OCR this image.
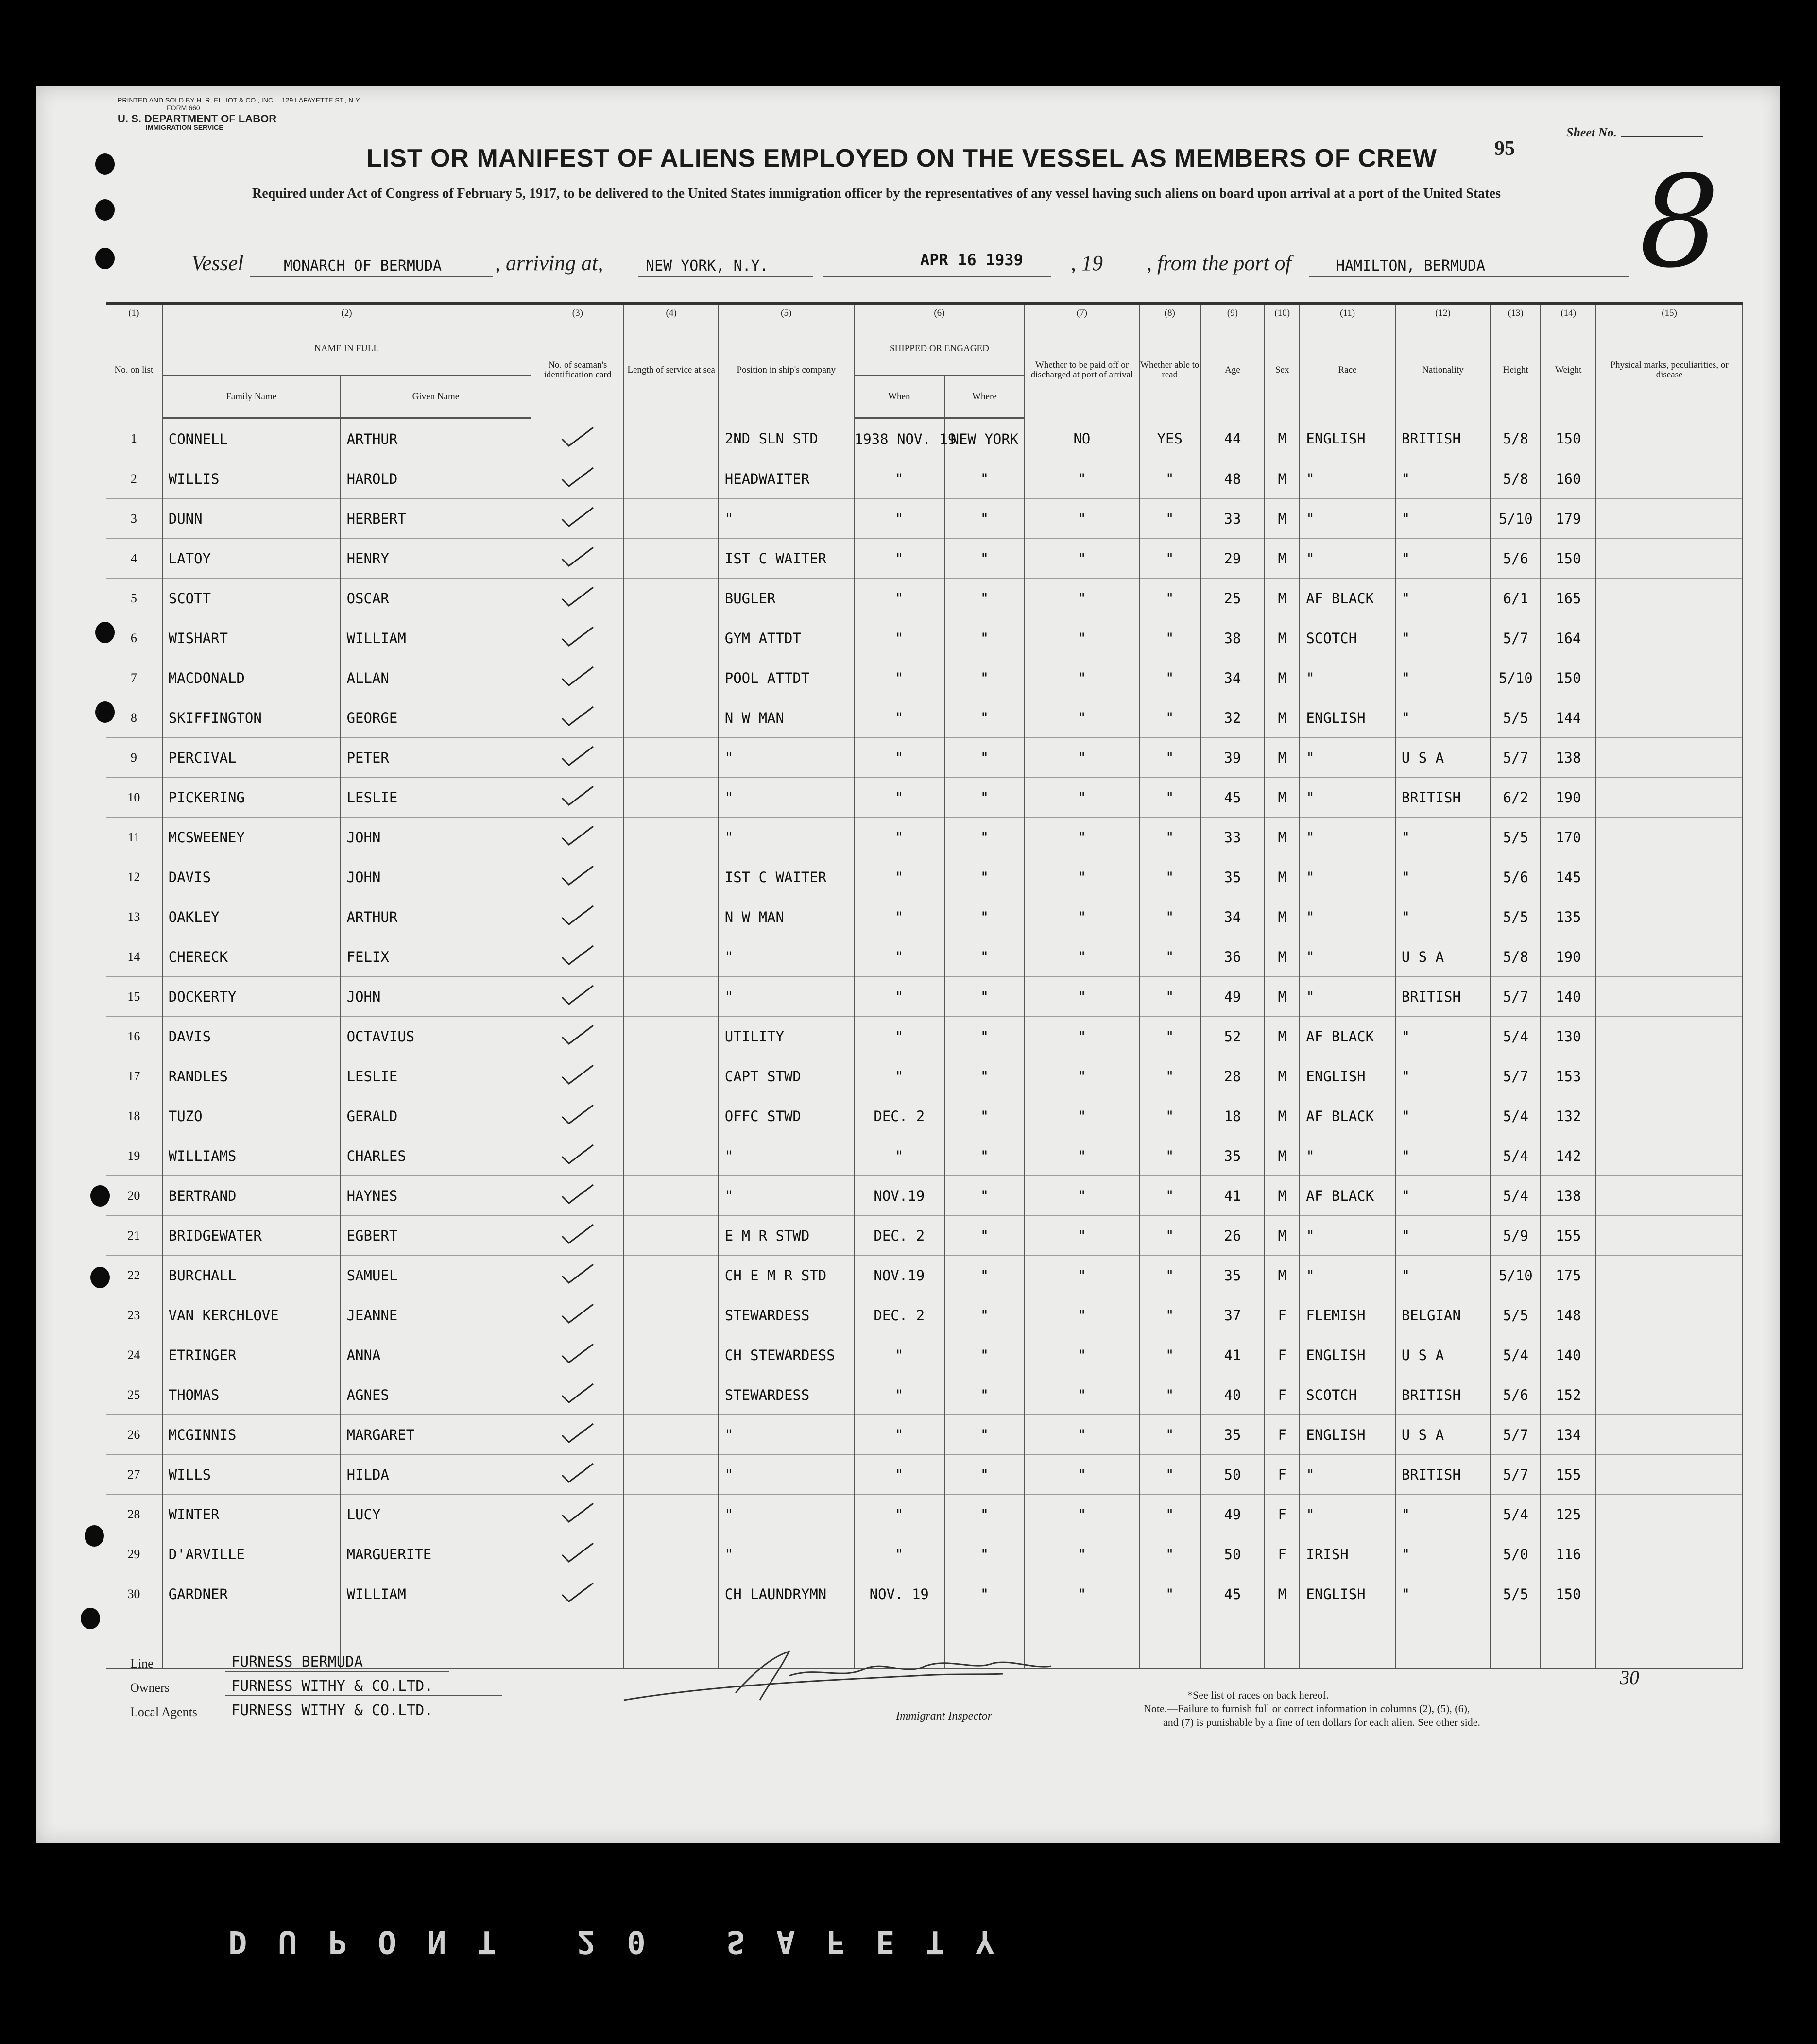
PRINTED AND SOLD BY H. R. ELLIOT & CO., INC.—129 LAFAYETTE ST., N.Y.
FORM 660
U. S. DEPARTMENT OF LABOR
IMMIGRATION SERVICE	Sheet No.
95
8
LIST OR MANIFEST OF ALIENS EMPLOYED ON THE VESSEL AS MEMBERS OF CREW
Required under Act of Congress of February 5, 1917, to be delivered to the United States immigration officer by the representatives of any vessel having such aliens on board upon arrival at a port of the United States
Vessel	MONARCH OF BERMUDA , arriving at,	NEW YORK, N.Y.	APR 16 1939 , 19 , from the port of	HAMILTON, BERMUDA
(1)	(2)		(3)	(4)	(5)	(6)		(7)	(8)	(9)	(10)	(11)	(12)	(13)	(14)	(15)
No. on list	NAME IN FULL		No. of seaman's identification card	Length of service at sea	Position in ship's company	SHIPPED OR ENGAGED		Whether to be paid off or discharged at port of arrival	Whether able to read	Age	Sex	Race	Nationality	Height	Weight	Physical marks, peculiarities, or disease
	Family Name	Given Name				When	Where									
1	CONNELL	ARTHUR			2ND SLN STD	1938 NOV. 19	NEW YORK	NO	YES	44	M	ENGLISH	BRITISH	5/8	150	
2	WILLIS	HAROLD			HEADWAITER	"	"	"	"	48	M	"	"	5/8	160	
3	DUNN	HERBERT			"	"	"	"	"	33	M	"	"	5/10	179	
4	LATOY	HENRY			IST C WAITER	"	"	"	"	29	M	"	"	5/6	150	
5	SCOTT	OSCAR			BUGLER	"	"	"	"	25	M	AF BLACK	"	6/1	165	
6	WISHART	WILLIAM			GYM ATTDT	"	"	"	"	38	M	SCOTCH	"	5/7	164	
7	MACDONALD	ALLAN			POOL ATTDT	"	"	"	"	34	M	"	"	5/10	150	
8	SKIFFINGTON	GEORGE			N W MAN	"	"	"	"	32	M	ENGLISH	"	5/5	144	
9	PERCIVAL	PETER			"	"	"	"	"	39	M	"	U S A	5/7	138	
10	PICKERING	LESLIE			"	"	"	"	"	45	M	"	BRITISH	6/2	190	
11	MCSWEENEY	JOHN			"	"	"	"	"	33	M	"	"	5/5	170	
12	DAVIS	JOHN			IST C WAITER	"	"	"	"	35	M	"	"	5/6	145	
13	OAKLEY	ARTHUR			N W MAN	"	"	"	"	34	M	"	"	5/5	135	
14	CHERECK	FELIX			"	"	"	"	"	36	M	"	U S A	5/8	190	
15	DOCKERTY	JOHN			"	"	"	"	"	49	M	"	BRITISH	5/7	140	
16	DAVIS	OCTAVIUS			UTILITY	"	"	"	"	52	M	AF BLACK	"	5/4	130	
17	RANDLES	LESLIE			CAPT STWD	"	"	"	"	28	M	ENGLISH	"	5/7	153	
18	TUZO	GERALD			OFFC STWD	DEC. 2	"	"	"	18	M	AF BLACK	"	5/4	132	
19	WILLIAMS	CHARLES			"	"	"	"	"	35	M	"	"	5/4	142	
20	BERTRAND	HAYNES			"	NOV.19	"	"	"	41	M	AF BLACK	"	5/4	138	
21	BRIDGEWATER	EGBERT			E M R STWD	DEC. 2	"	"	"	26	M	"	"	5/9	155	
22	BURCHALL	SAMUEL			CH E M R STD	NOV.19	"	"	"	35	M	"	"	5/10	175	
23	VAN KERCHLOVE	JEANNE			STEWARDESS	DEC. 2	"	"	"	37	F	FLEMISH	BELGIAN	5/5	148	
24	ETRINGER	ANNA			CH STEWARDESS	"	"	"	"	41	F	ENGLISH	U S A	5/4	140	
25	THOMAS	AGNES			STEWARDESS	"	"	"	"	40	F	SCOTCH	BRITISH	5/6	152	
26	MCGINNIS	MARGARET			"	"	"	"	"	35	F	ENGLISH	U S A	5/7	134	
27	WILLS	HILDA			"	"	"	"	"	50	F	"	BRITISH	5/7	155	
28	WINTER	LUCY			"	"	"	"	"	49	F	"	"	5/4	125	
29	D'ARVILLE	MARGUERITE			"	"	"	"	"	50	F	IRISH	"	5/0	116	
30	GARDNER	WILLIAM			CH LAUNDRYMN	NOV. 19	"	"	"	45	M	ENGLISH	"	5/5	150	

Line	FURNESS BERMUDA
Owners	FURNESS WITHY & CO.LTD.
Local Agents FURNESS WITHY & CO.LTD.	Immigrant Inspector
*See list of races on back hereof.
Note.—Failure to furnish full or correct information in columns (2), (5), (6),
and (7) is punishable by a fine of ten dollars for each alien. See other side.
30
DUPONT 20 SAFETY
